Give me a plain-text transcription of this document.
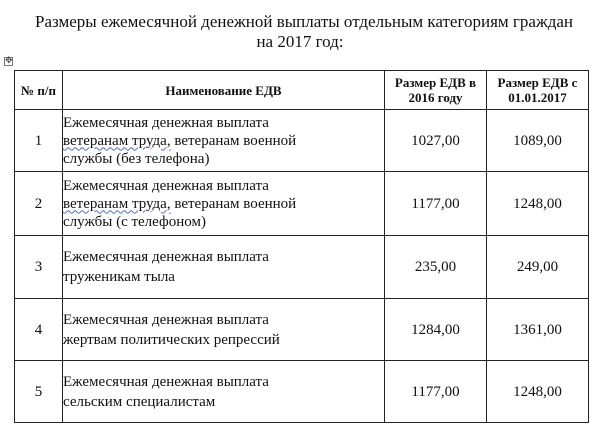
Размеры ежемесячной денежной выплаты отдельным категориям граждан
на 2017 год:
✥
№ п/п	Наименование ЕДВ	Размер ЕДВ в 2016 году	Размер ЕДВ с 01.01.2017
1	Ежемесячная денежная выплата
ветеранам труда, ветеранам военной
службы (без телефона)	1027,00	1089,00
2	Ежемесячная денежная выплата
ветеранам труда, ветеранам военной
службы (с телефоном)	1177,00	1248,00
3	Ежемесячная денежная выплата
труженикам тыла	235,00	249,00
4	Ежемесячная денежная выплата
жертвам политических репрессий	1284,00	1361,00
5	Ежемесячная денежная выплата
сельским специалистам	1177,00	1248,00
